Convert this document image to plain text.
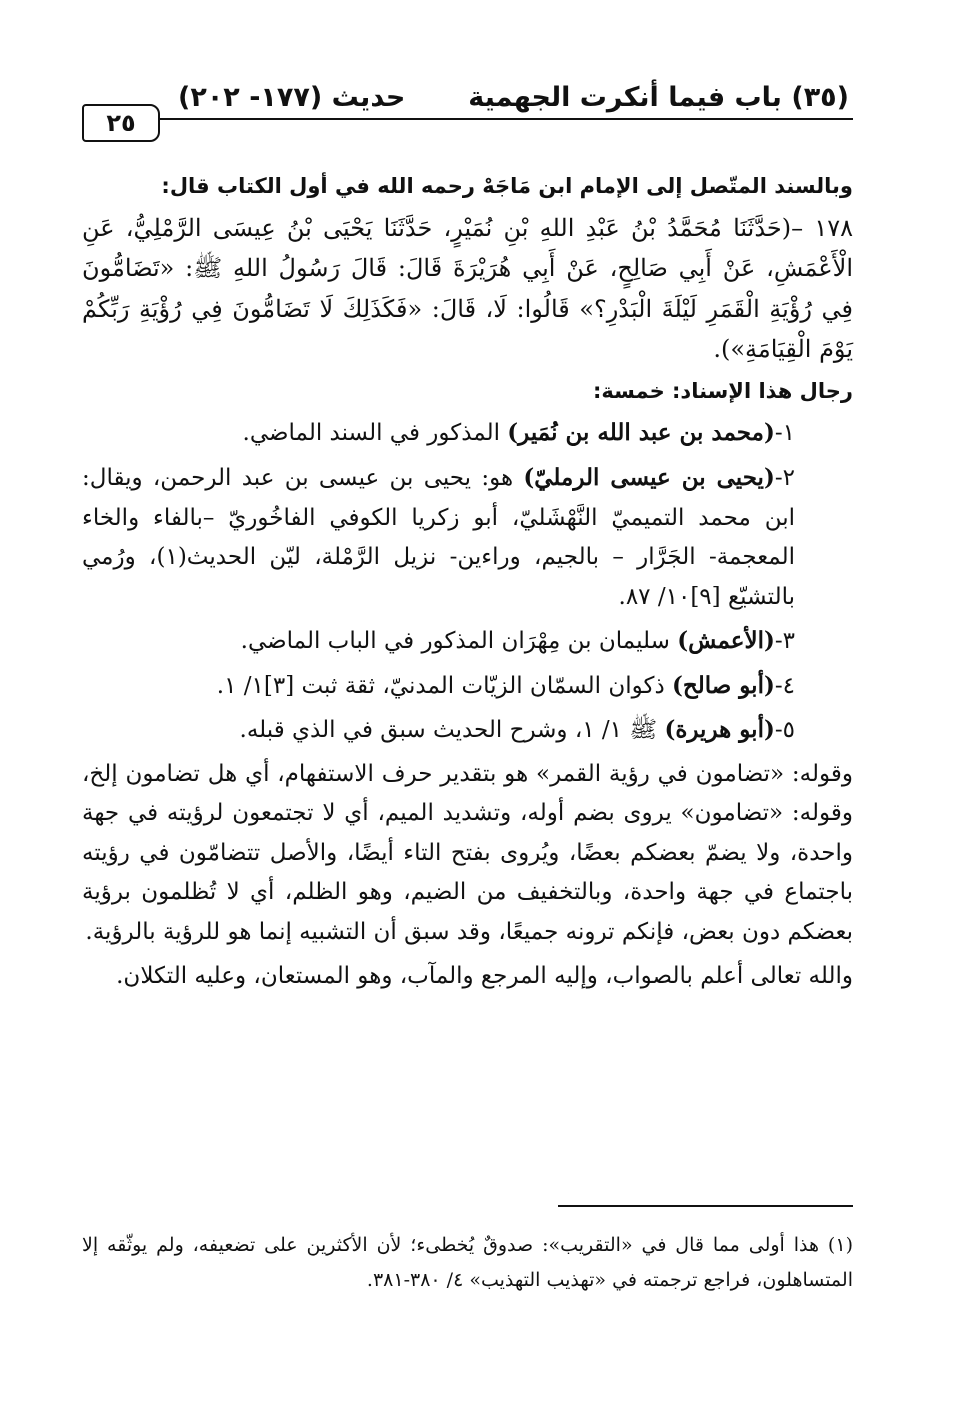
(٣٥) باب فيما أنكرت الجهمية
حديث (١٧٧- ٢٠٢)
٢٥

وبالسند المتّصل إلى الإمام ابن مَاجَهْ رحمه الله في أول الكتاب قال:

١٧٨ –(حَدَّثَنَا مُحَمَّدُ بْنُ عَبْدِ اللهِ بْنِ نُمَيْرٍ، حَدَّثَنَا يَحْيَى بْنُ عِيسَى الرَّمْلِيُّ، عَنِ الْأَعْمَشِ، عَنْ أَبِي صَالِحٍ، عَنْ أَبِي هُرَيْرَةَ قَالَ: قَالَ رَسُولُ اللهِ ﷺ: «تَضَامُّونَ فِي رُؤْيَةِ الْقَمَرِ لَيْلَةَ الْبَدْرِ؟» قَالُوا: لَا، قَالَ: «فَكَذَلِكَ لَا تَضَامُّونَ فِي رُؤْيَةِ رَبِّكُمْ يَوْمَ الْقِيَامَةِ»).

رجال هذا الإسناد: خمسة:

١-(محمد بن عبد الله بن نُمَير) المذكور في السند الماضي.

٢-(يحيى بن عيسى الرمليّ) هو: يحيى بن عيسى بن عبد الرحمن، ويقال: ابن محمد التميميّ النَّهْشَليّ، أبو زكريا الكوفي الفاخُوريّ –بالفاء والخاء المعجمة- الجَرَّار – بالجيم، وراءين- نزيل الرَّمْلة، ليّن الحديث(١)، ورُمي بالتشيّع [٩]١٠/ ٨٧.

٣-(الأعمش) سليمان بن مِهْرَان المذكور في الباب الماضي.

٤-(أبو صالح) ذكوان السمّان الزيّات المدنيّ، ثقة ثبت [٣]١/ ١.

٥-(أبو هريرة) ﷺ ١/ ١، وشرح الحديث سبق في الذي قبله.

وقوله: «تضامون في رؤية القمر» هو بتقدير حرف الاستفهام، أي هل تضامون إلخ، وقوله: «تضامون» يروى بضم أوله، وتشديد الميم، أي لا تجتمعون لرؤيته في جهة واحدة، ولا يضمّ بعضكم بعضًا، ويُروى بفتح التاء أيضًا، والأصل تتضامّون في رؤيته باجتماع في جهة واحدة، وبالتخفيف من الضيم، وهو الظلم، أي لا تُظلمون برؤية بعضكم دون بعض، فإنكم ترونه جميعًا، وقد سبق أن التشبيه إنما هو للرؤية بالرؤية.

والله تعالى أعلم بالصواب، وإليه المرجع والمآب، وهو المستعان، وعليه التكلان.

(١) هذا أولى مما قال في «التقريب»: صدوقٌ يُخطىء؛ لأن الأكثرين على تضعيفه، ولم يوثّقه إلا المتساهلون، فراجع ترجمته في «تهذيب التهذيب» ٤/ ٣٨٠-٣٨١.
